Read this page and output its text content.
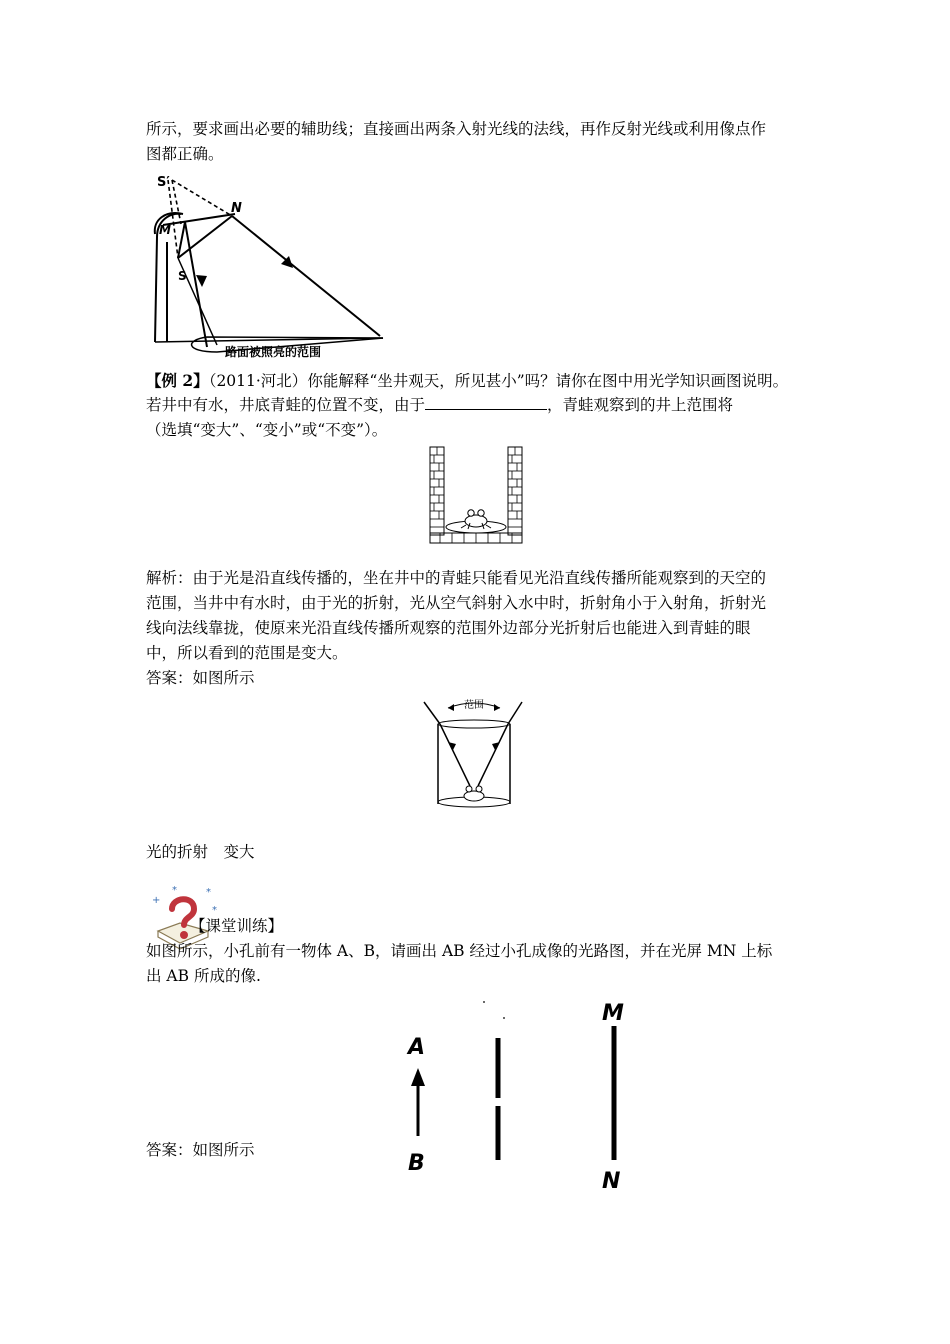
所示，要求画出必要的辅助线；直接画出两条入射光线的法线，再作反射光线或利用像点作

图都正确。

S′
N
M
S
路面被照亮的范围

【例 2】（2011·河北）你能解释“坐井观天，所见甚小”吗？请你在图中用光学知识画图说明。

若井中有水，井底青蛙的位置不变，由于	，青蛙观察到的井上范围将

（选填“变大”、“变小”或“不变”）。

解析：由于光是沿直线传播的，坐在井中的青蛙只能看见光沿直线传播所能观察到的天空的

范围，当井中有水时，由于光的折射，光从空气斜射入水中时，折射角小于入射角，折射光

线向法线靠拢，使原来光沿直线传播所观察的范围外边部分光折射后也能进入到青蛙的眼

中，所以看到的范围是变大。

答案：如图所示

范围

光的折射　变大

+
*	*
*

【课堂训练】

如图所示，小孔前有一物体 A、B，请画出 AB 经过小孔成像的光路图，并在光屏 MN 上标

出 AB 所成的像.

A
B
M
N

答案：如图所示
